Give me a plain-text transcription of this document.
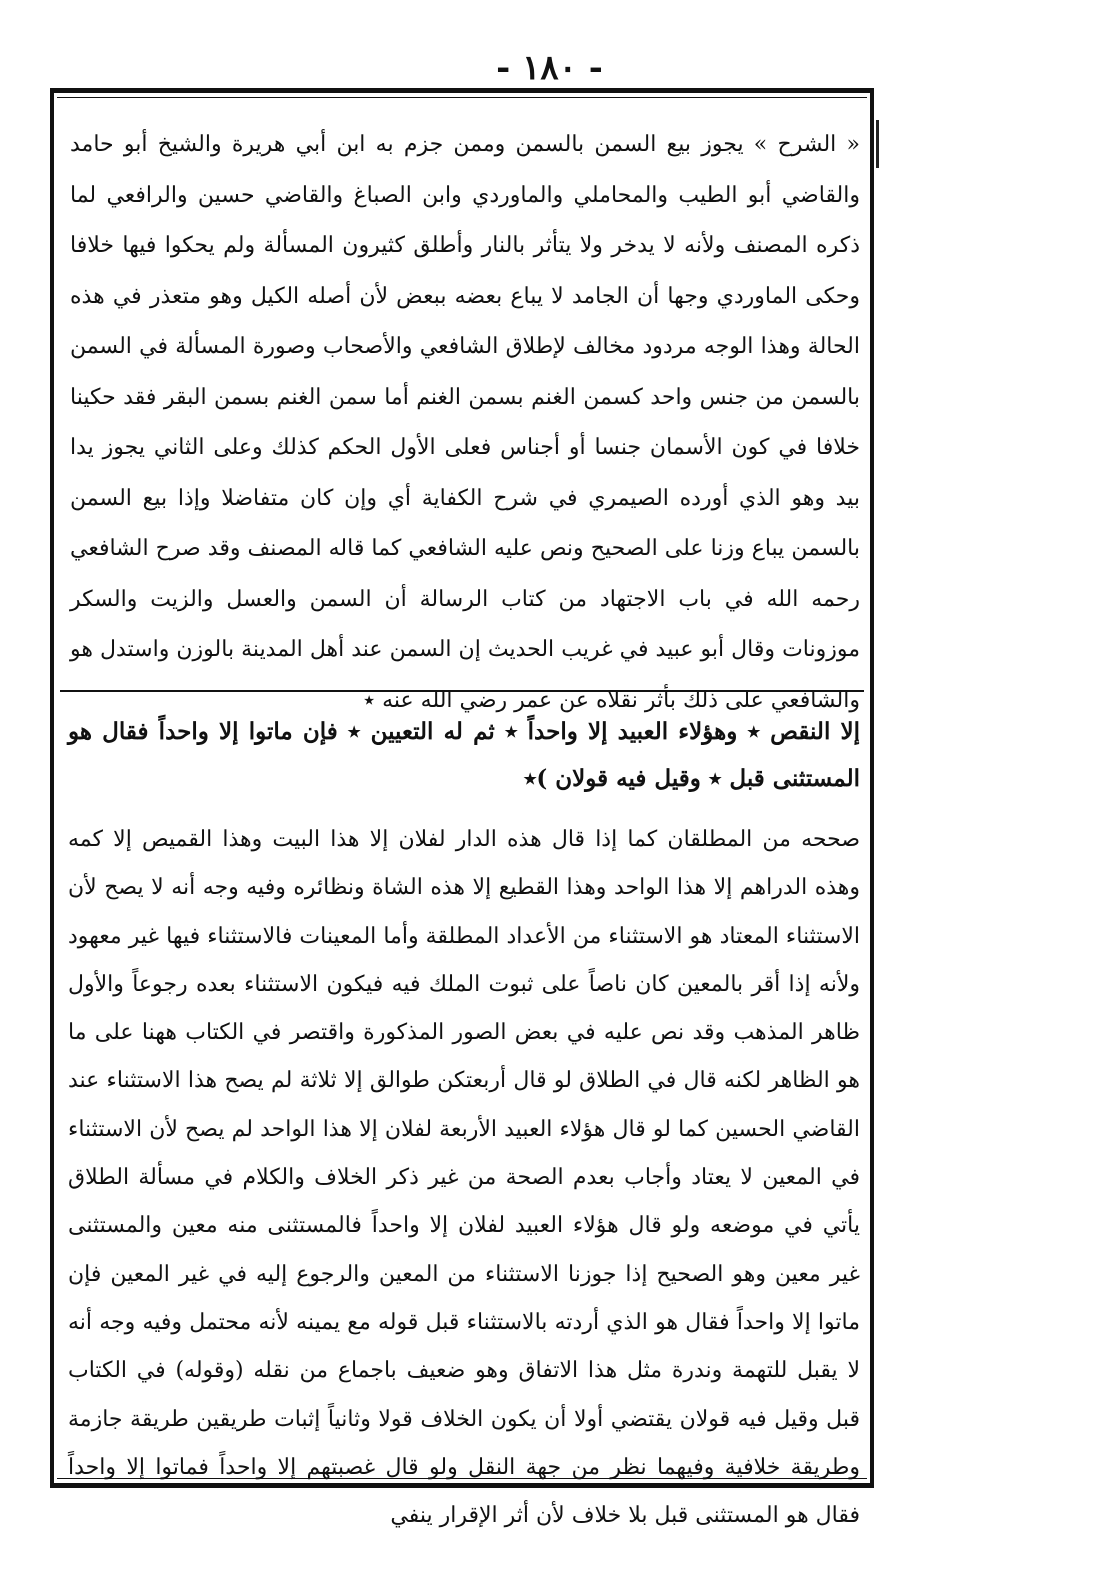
- ١٨٠ -

« الشرح » يجوز بيع السمن بالسمن وممن جزم به ابن أبي هريرة والشيخ أبو حامد والقاضي أبو الطيب والمحاملي والماوردي وابن الصباغ والقاضي حسين والرافعي لما ذكره المصنف ولأنه لا يدخر ولا يتأثر بالنار وأطلق كثيرون المسألة ولم يحكوا فيها خلافا وحكى الماوردي وجها أن الجامد لا يباع بعضه ببعض لأن أصله الكيل وهو متعذر في هذه الحالة وهذا الوجه مردود مخالف لإطلاق الشافعي والأصحاب وصورة المسألة في السمن بالسمن من جنس واحد كسمن الغنم بسمن الغنم أما سمن الغنم بسمن البقر فقد حكينا خلافا في كون الأسمان جنسا أو أجناس فعلى الأول الحكم كذلك وعلى الثاني يجوز يدا بيد وهو الذي أورده الصيمري في شرح الكفاية أي وإن كان متفاضلا وإذا بيع السمن بالسمن يباع وزنا على الصحيح ونص عليه الشافعي كما قاله المصنف وقد صرح الشافعي رحمه الله في باب الاجتهاد من كتاب الرسالة أن السمن والعسل والزيت والسكر موزونات وقال أبو عبيد في غريب الحديث إن السمن عند أهل المدينة بالوزن واستدل هو والشافعي على ذلك بأثر نقلاه عن عمر رضي الله عنه ٭

إلا النقص ٭ وهؤلاء العبيد إلا واحداً ٭ ثم له التعيين ٭ فإن ماتوا إلا واحداً فقال هو المستثنى قبل ٭ وقيل فيه قولان )٭

صححه من المطلقان كما إذا قال هذه الدار لفلان إلا هذا البيت وهذا القميص إلا كمه وهذه الدراهم إلا هذا الواحد وهذا القطيع إلا هذه الشاة ونظائره وفيه وجه أنه لا يصح لأن الاستثناء المعتاد هو الاستثناء من الأعداد المطلقة وأما المعينات فالاستثناء فيها غير معهود ولأنه إذا أقر بالمعين كان ناصاً على ثبوت الملك فيه فيكون الاستثناء بعده رجوعاً والأول ظاهر المذهب وقد نص عليه في بعض الصور المذكورة واقتصر في الكتاب ههنا على ما هو الظاهر لكنه قال في الطلاق لو قال أربعتكن طوالق إلا ثلاثة لم يصح هذا الاستثناء عند القاضي الحسين كما لو قال هؤلاء العبيد الأربعة لفلان إلا هذا الواحد لم يصح لأن الاستثناء في المعين لا يعتاد وأجاب بعدم الصحة من غير ذكر الخلاف والكلام في مسألة الطلاق يأتي في موضعه ولو قال هؤلاء العبيد لفلان إلا واحداً فالمستثنى منه معين والمستثنى غير معين وهو الصحيح إذا جوزنا الاستثناء من المعين والرجوع إليه في غير المعين فإن ماتوا إلا واحداً فقال هو الذي أردته بالاستثناء قبل قوله مع يمينه لأنه محتمل وفيه وجه أنه لا يقبل للتهمة وندرة مثل هذا الاتفاق وهو ضعيف باجماع من نقله (وقوله) في الكتاب قبل وقيل فيه قولان يقتضي أولا أن يكون الخلاف قولا وثانياً إثبات طريقين طريقة جازمة وطريقة خلافية وفيهما نظر من جهة النقل ولو قال غصبتهم إلا واحداً فماتوا إلا واحداً فقال هو المستثنى قبل بلا خلاف لأن أثر الإقرار ينفي
